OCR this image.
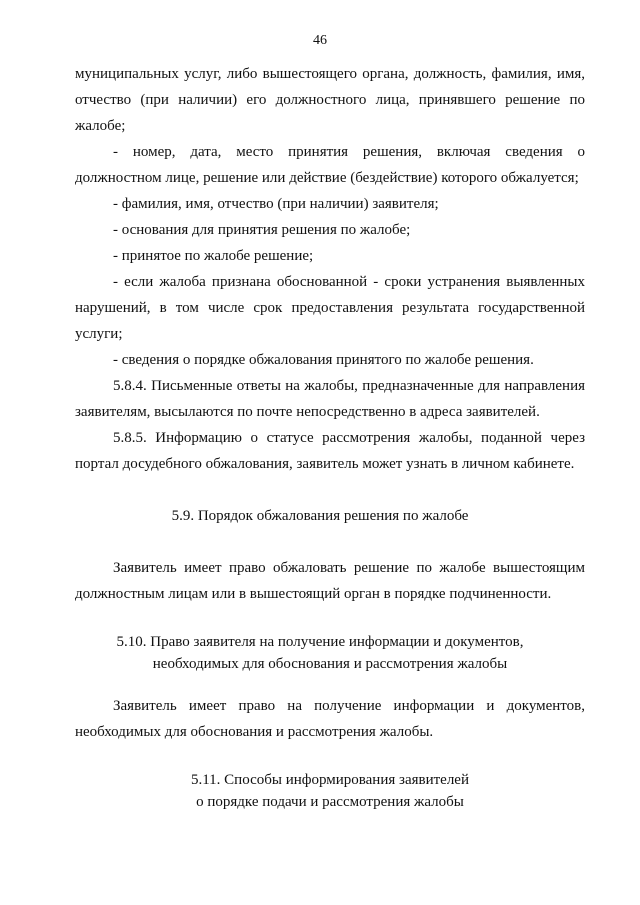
46
муниципальных услуг, либо вышестоящего органа, должность, фамилия, имя,
отчество (при наличии) его должностного лица, принявшего решение по
жалобе;
- номер, дата, место принятия решения, включая сведения о
должностном лице, решение или действие (бездействие) которого обжалуется;
- фамилия, имя, отчество (при наличии) заявителя;
- основания для принятия решения по жалобе;
- принятое по жалобе решение;
- если жалоба признана обоснованной - сроки устранения выявленных
нарушений, в том числе срок предоставления результата государственной
услуги;
- сведения о порядке обжалования принятого по жалобе решения.
5.8.4. Письменные ответы на жалобы, предназначенные для направления
заявителям, высылаются по почте непосредственно в адреса заявителей.
5.8.5. Информацию о статусе рассмотрения жалобы, поданной через
портал досудебного обжалования, заявитель может узнать в личном кабинете.
5.9. Порядок обжалования решения по жалобе
Заявитель имеет право обжаловать решение по жалобе вышестоящим
должностным лицам или в вышестоящий орган в порядке подчиненности.
5.10. Право заявителя на получение информации и документов,
необходимых для обоснования и рассмотрения жалобы
Заявитель имеет право на получение информации и документов,
необходимых для обоснования и рассмотрения жалобы.
5.11. Способы информирования заявителей
о порядке подачи и рассмотрения жалобы
